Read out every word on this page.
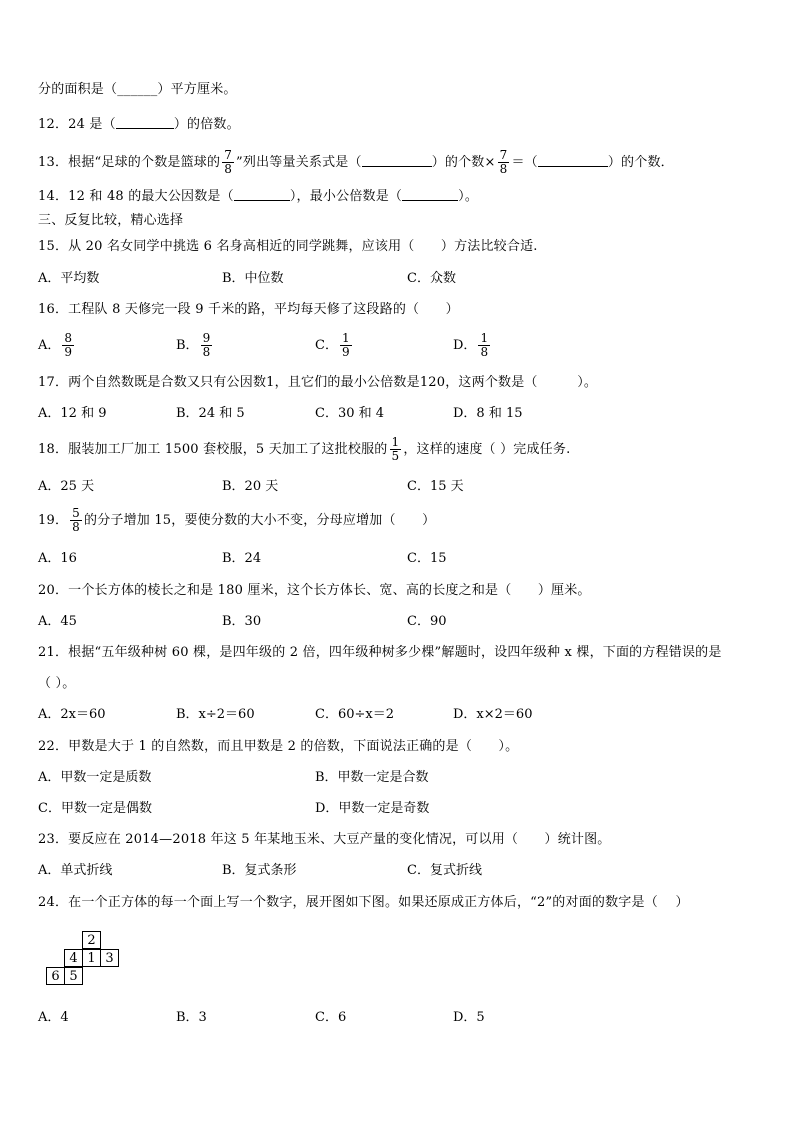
分的面积是（______）平方厘米。
12．24 是（	）的倍数。
13．根据“足球的个数是篮球的 $\frac{7}{8}$ ”列出等量关系式是（	）的个数× $\frac{7}{8}$ ＝（	）的个数．
14．12 和 48 的最大公因数是（	），最小公倍数是（	）。
三、反复比较，精心选择
15．从 20 名女同学中挑选 6 名身高相近的同学跳舞，应该用（　　）方法比较合适.
A．平均数	B．中位数	C．众数
16．工程队 8 天修完一段 9 千米的路，平均每天修了这段路的（　　）
A． $\frac{8}{9}$	B． $\frac{9}{8}$	C． $\frac{1}{9}$	D． $\frac{1}{8}$
17．两个自然数既是合数又只有公因数1，且它们的最小公倍数是120，这两个数是（　　　）。
A．12 和 9	B．24 和 5	C．30 和 4	D．8 和 15
18．服装加工厂加工 1500 套校服，5 天加工了这批校服的 $\frac{1}{5}$ ，这样的速度（ ）完成任务.
A．25 天	B．20 天	C．15 天
19． $\frac{5}{8}$ 的分子增加 15，要使分数的大小不变，分母应增加（　　）
A．16	B．24	C．15
20．一个长方体的棱长之和是 180 厘米，这个长方体长、宽、高的长度之和是（　　）厘米。
A．45	B．30	C．90
21．根据“五年级种树 60 棵，是四年级的 2 倍，四年级种树多少棵”解题时，设四年级种 x 棵，下面的方程错误的是
（ ）。
A．2x＝60	B．x÷2＝60	C．60÷x＝2	D．x×2＝60
22．甲数是大于 1 的自然数，而且甲数是 2 的倍数，下面说法正确的是（　　）。
A．甲数一定是质数	B．甲数一定是合数
C．甲数一定是偶数	D．甲数一定是奇数
23．要反应在 2014—2018 年这 5 年某地玉米、大豆产量的变化情况，可以用（　　）统计图。
A．单式折线	B．复式条形	C．复式折线
24．在一个正方体的每一个面上写一个数字，展开图如下图。如果还原成正方体后，“2”的对面的数字是（　 ）
2
4 1 3
6 5
A．4	B．3	C．6	D．5
